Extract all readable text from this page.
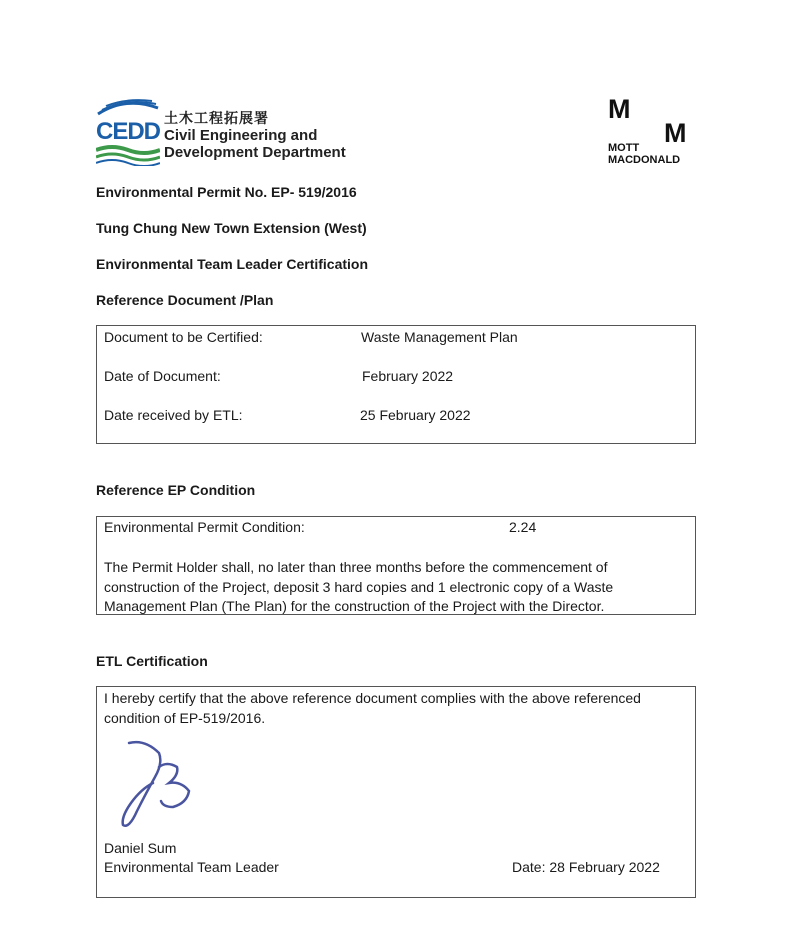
CEDD 土木工程拓展署
Civil Engineering and
Development Department
M
M
MOTT
MACDONALD
Environmental Permit No. EP- 519/2016
Tung Chung New Town Extension (West)
Environmental Team Leader Certification
Reference Document /Plan
Document to be Certified:	Waste Management Plan
Date of Document:	February 2022
Date received by ETL:	25 February 2022
Reference EP Condition
Environmental Permit Condition:	2.24
The Permit Holder shall, no later than three months before the commencement of
construction of the Project, deposit 3 hard copies and 1 electronic copy of a Waste
Management Plan (The Plan) for the construction of the Project with the Director.
ETL Certification
I hereby certify that the above reference document complies with the above referenced
condition of EP-519/2016.
Daniel Sum
Environmental Team Leader	Date: 28 February 2022
